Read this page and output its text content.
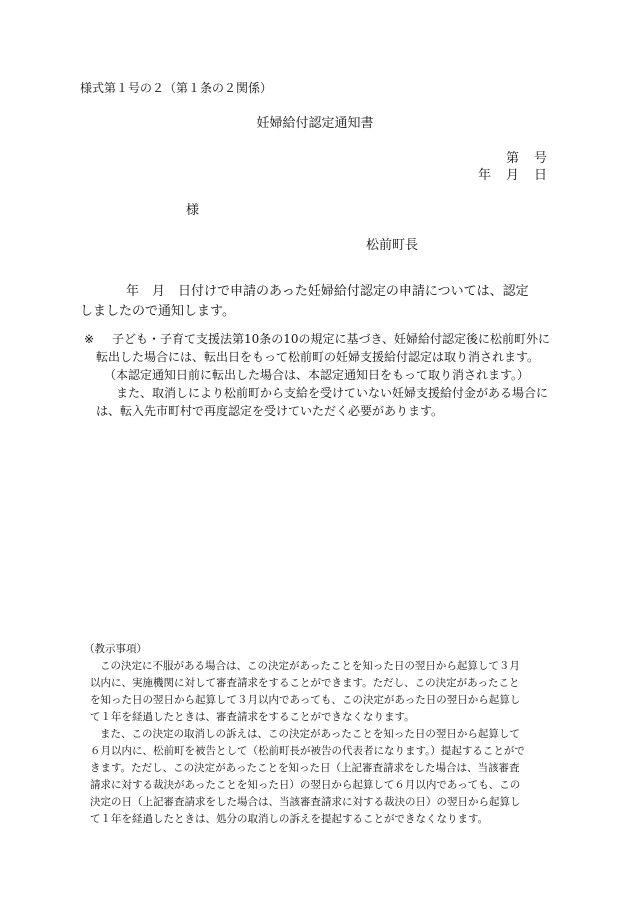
様式第１号の２（第１条の２関係）
妊婦給付認定通知書
第　号
年　月　日
様
松前町長

年　月　日付けで申請のあった妊婦給付認定の申請については、認定

しましたので通知します。

※	子ども・子育て支援法第10条の10の規定に基づき、妊婦給付認定後に松前町外に

転出した場合には、転出日をもって松前町の妊婦支援給付認定は取り消されます。

（本認定通知日前に転出した場合は、本認定通知日をもって取り消されます。）

また、取消しにより松前町から支給を受けていない妊婦支援給付金がある場合に

は、転入先市町村で再度認定を受けていただく必要があります。

（教示事項）

この決定に不服がある場合は、この決定があったことを知った日の翌日から起算して３月

以内に、実施機関に対して審査請求をすることができます。ただし、この決定があったこと

を知った日の翌日から起算して３月以内であっても、この決定があった日の翌日から起算し

て１年を経過したときは、審査請求をすることができなくなります。

また、この決定の取消しの訴えは、この決定があったことを知った日の翌日から起算して

６月以内に、松前町を被告として（松前町長が被告の代表者になります。）提起することがで

きます。ただし、この決定があったことを知った日（上記審査請求をした場合は、当該審査

請求に対する裁決があったことを知った日）の翌日から起算して６月以内であっても、この

決定の日（上記審査請求をした場合は、当該審査請求に対する裁決の日）の翌日から起算し

て１年を経過したときは、処分の取消しの訴えを提起することができなくなります。
